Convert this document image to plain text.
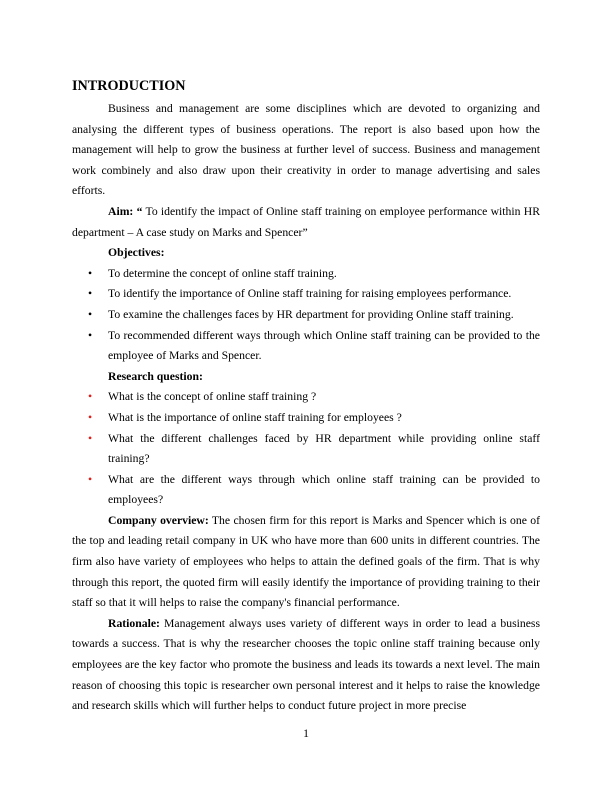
INTRODUCTION

Business and management are some disciplines which are devoted to organizing and analysing the different types of business operations. The report is also based upon how the management will help to grow the business at further level of success. Business and management work combinely and also draw upon their creativity in order to manage advertising and sales efforts.

Aim: “ To identify the impact of Online staff training on employee performance within HR department – A case study on Marks and Spencer”

Objectives:

• To determine the concept of online staff training.
• To identify the importance of Online staff training for raising employees performance.
• To examine the challenges faces by HR department for providing Online staff training.
• To recommended different ways through which Online staff training can be provided to the employee of Marks and Spencer.

Research question:

• What is the concept of online staff training ?
• What is the importance of online staff training for employees ?
• What the different challenges faced by HR department while providing online staff training?
• What are the different ways through which online staff training can be provided to employees?

Company overview: The chosen firm for this report is Marks and Spencer which is one of the top and leading retail company in UK who have more than 600 units in different countries. The firm also have variety of employees who helps to attain the defined goals of the firm. That is why through this report, the quoted firm will easily identify the importance of providing training to their staff so that it will helps to raise the company's financial performance.

Rationale: Management always uses variety of different ways in order to lead a business towards a success. That is why the researcher chooses the topic online staff training because only employees are the key factor who promote the business and leads its towards a next level. The main reason of choosing this topic is researcher own personal interest and it helps to raise the knowledge and research skills which will further helps to conduct future project in more precise

1
